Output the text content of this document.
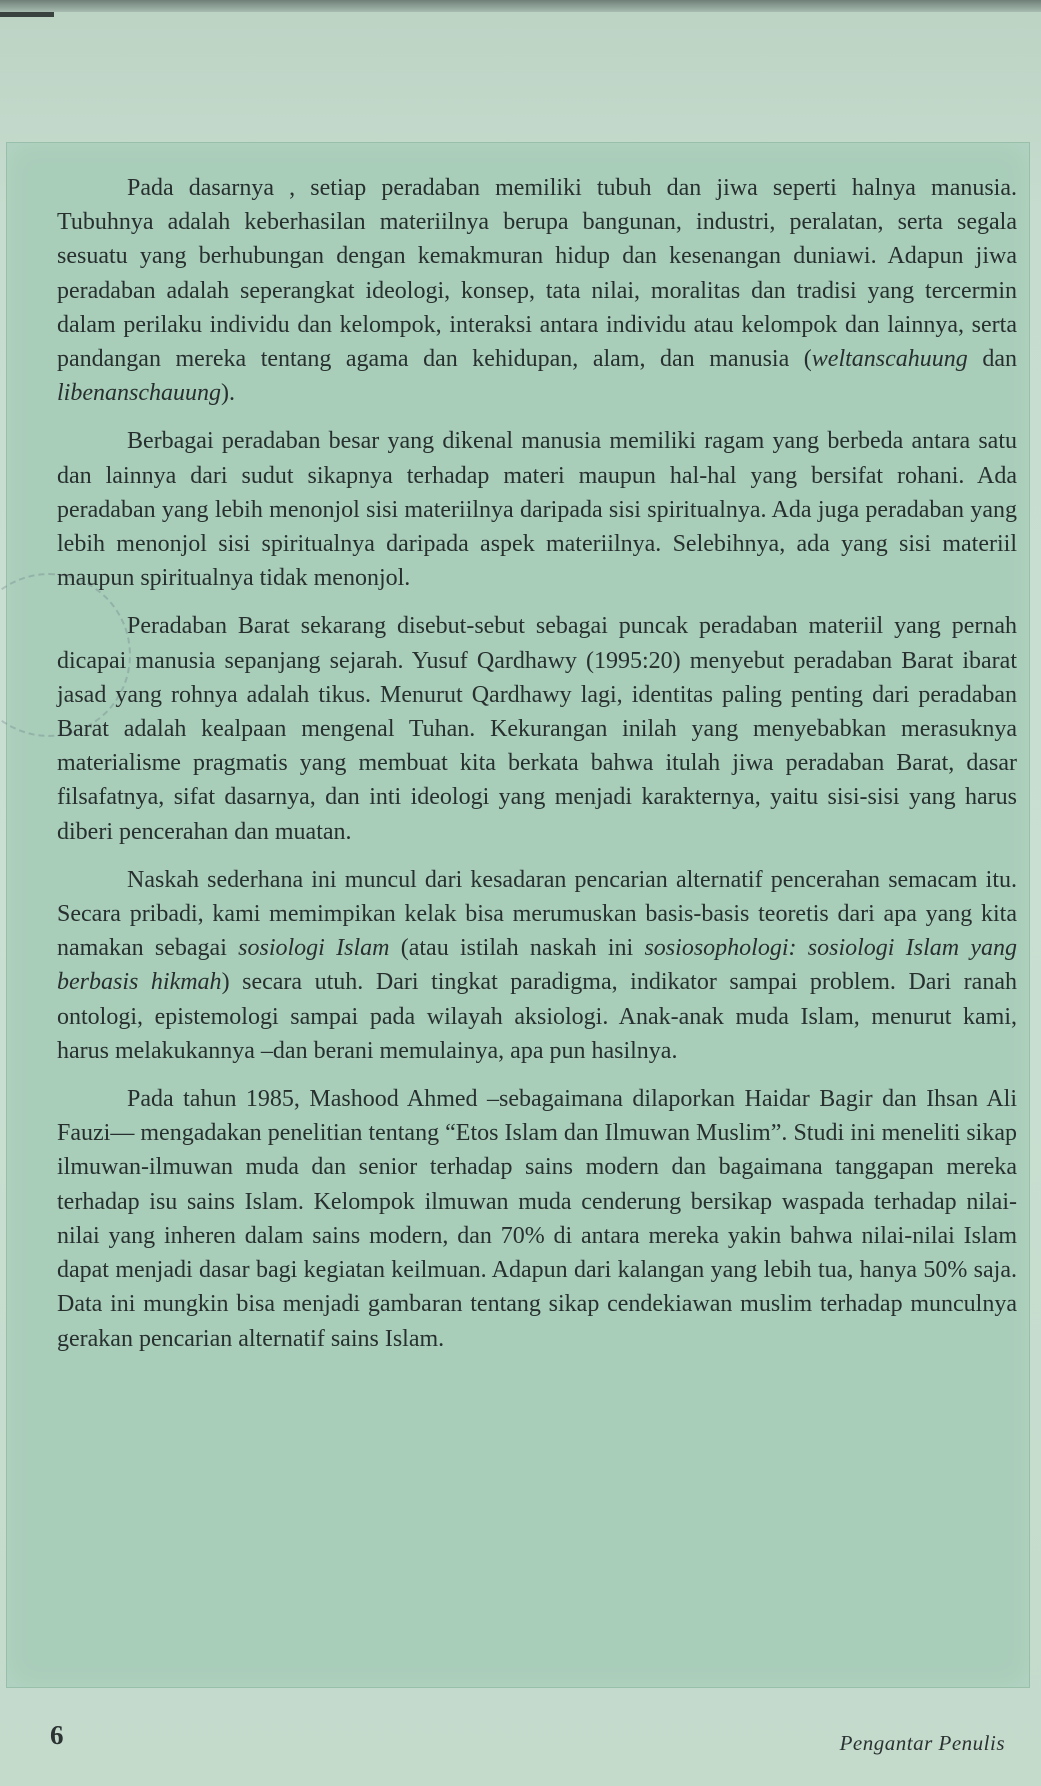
Pada dasarnya , setiap peradaban memiliki tubuh dan jiwa seperti halnya manusia. Tubuhnya adalah keberhasilan materiilnya berupa bangunan, industri, peralatan, serta segala sesuatu yang berhubungan dengan kemakmuran hidup dan kesenangan duniawi. Adapun jiwa peradaban adalah seperangkat ideologi, konsep, tata nilai, moralitas dan tradisi yang tercermin dalam perilaku individu dan kelompok, interaksi antara individu atau kelompok dan lainnya, serta pandangan mereka tentang agama dan kehidupan, alam, dan manusia (weltanscahuung dan libenanschauung).

Berbagai peradaban besar yang dikenal manusia memiliki ragam yang berbeda antara satu dan lainnya dari sudut sikapnya terhadap materi maupun hal-hal yang bersifat rohani. Ada peradaban yang lebih menonjol sisi materiilnya daripada sisi spiritualnya. Ada juga peradaban yang lebih menonjol sisi spiritualnya daripada aspek materiilnya. Selebihnya, ada yang sisi materiil maupun spiritualnya tidak menonjol.

Peradaban Barat sekarang disebut-sebut sebagai puncak peradaban materiil yang pernah dicapai manusia sepanjang sejarah. Yusuf Qardhawy (1995:20) menyebut peradaban Barat ibarat jasad yang rohnya adalah tikus. Menurut Qardhawy lagi, identitas paling penting dari peradaban Barat adalah kealpaan mengenal Tuhan. Kekurangan inilah yang menyebabkan merasuknya materialisme pragmatis yang membuat kita berkata bahwa itulah jiwa peradaban Barat, dasar filsafatnya, sifat dasarnya, dan inti ideologi yang menjadi karakternya, yaitu sisi-sisi yang harus diberi pencerahan dan muatan.

Naskah sederhana ini muncul dari kesadaran pencarian alternatif pencerahan semacam itu. Secara pribadi, kami memimpikan kelak bisa merumuskan basis-basis teoretis dari apa yang kita namakan sebagai sosiologi Islam (atau istilah naskah ini sosiosophologi: sosiologi Islam yang berbasis hikmah) secara utuh. Dari tingkat paradigma, indikator sampai problem. Dari ranah ontologi, epistemologi sampai pada wilayah aksiologi. Anak-anak muda Islam, menurut kami, harus melakukannya –dan berani memulainya, apa pun hasilnya.

Pada tahun 1985, Mashood Ahmed –sebagaimana dilaporkan Haidar Bagir dan Ihsan Ali Fauzi— mengadakan penelitian tentang “Etos Islam dan Ilmuwan Muslim”. Studi ini meneliti sikap ilmuwan-ilmuwan muda dan senior terhadap sains modern dan bagaimana tanggapan mereka terhadap isu sains Islam. Kelompok ilmuwan muda cenderung bersikap waspada terhadap nilai-nilai yang inheren dalam sains modern, dan 70% di antara mereka yakin bahwa nilai-nilai Islam dapat menjadi dasar bagi kegiatan keilmuan. Adapun dari kalangan yang lebih tua, hanya 50% saja. Data ini mungkin bisa menjadi gambaran tentang sikap cendekiawan muslim terhadap munculnya gerakan pencarian alternatif sains Islam.

6	Pengantar Penulis
